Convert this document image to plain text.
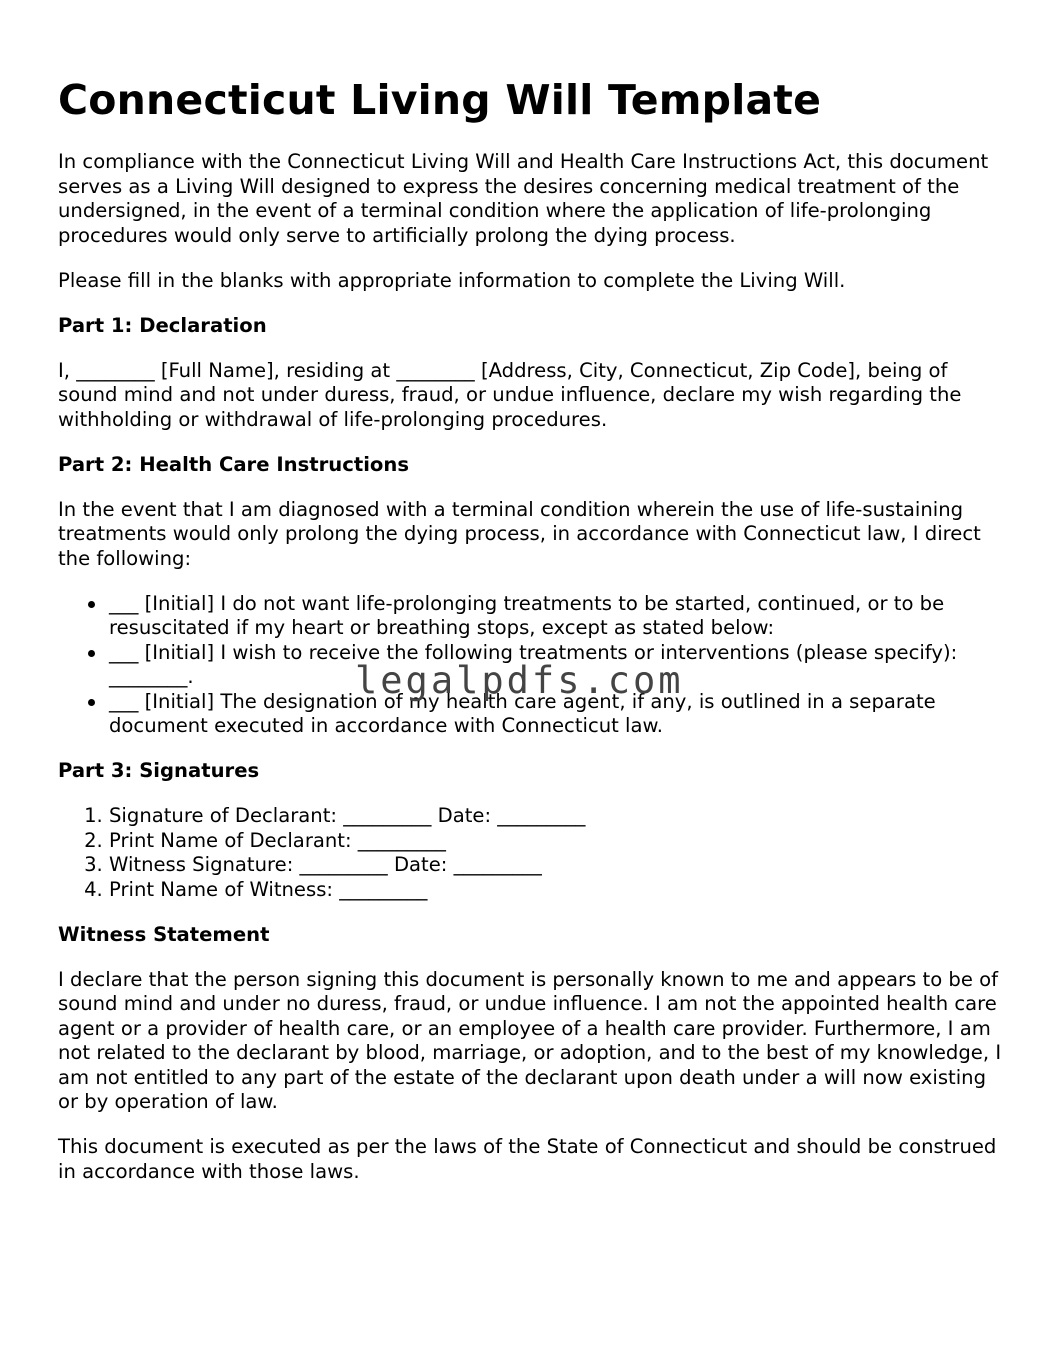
Connecticut Living Will Template

In compliance with the Connecticut Living Will and Health Care Instructions Act, this document serves as a Living Will designed to express the desires concerning medical treatment of the undersigned, in the event of a terminal condition where the application of life-prolonging procedures would only serve to artificially prolong the dying process.

Please fill in the blanks with appropriate information to complete the Living Will.

Part 1: Declaration

I, ________ [Full Name], residing at ________ [Address, City, Connecticut, Zip Code], being of sound mind and not under duress, fraud, or undue influence, declare my wish regarding the withholding or withdrawal of life-prolonging procedures.

Part 2: Health Care Instructions

In the event that I am diagnosed with a terminal condition wherein the use of life-sustaining treatments would only prolong the dying process, in accordance with Connecticut law, I direct the following:

___ [Initial] I do not want life-prolonging treatments to be started, continued, or to be resuscitated if my heart or breathing stops, except as stated below:
___ [Initial] I wish to receive the following treatments or interventions (please specify): ________.
___ [Initial] The designation of my health care agent, if any, is outlined in a separate document executed in accordance with Connecticut law.
Part 3: Signatures
1. Signature of Declarant: _________ Date: _________
2. Print Name of Declarant: _________
3. Witness Signature: _________ Date: _________
4. Print Name of Witness: _________
Witness Statement

I declare that the person signing this document is personally known to me and appears to be of sound mind and under no duress, fraud, or undue influence. I am not the appointed health care agent or a provider of health care, or an employee of a health care provider. Furthermore, I am not related to the declarant by blood, marriage, or adoption, and to the best of my knowledge, I am not entitled to any part of the estate of the declarant upon death under a will now existing or by operation of law.

This document is executed as per the laws of the State of Connecticut and should be construed in accordance with those laws.

legalpdfs.com
